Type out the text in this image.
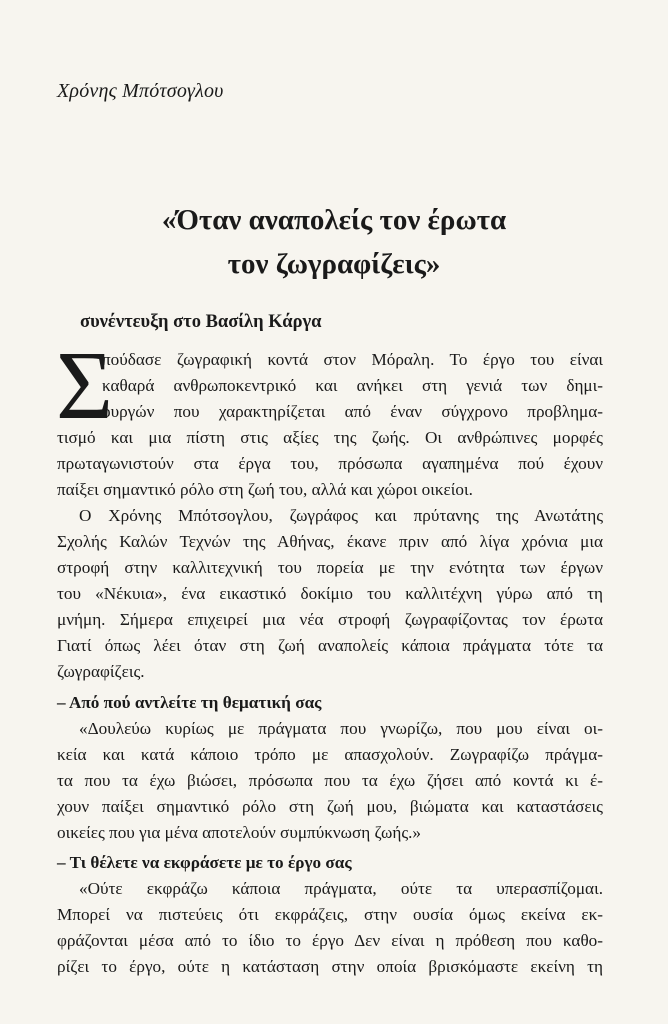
Χρόνης Μπότσογλου
«Όταν αναπολείς τον έρωτα
τον ζωγραφίζεις»
συνέντευξη στο Βασίλη Κάργα
Σ
πούδασε ζωγραφική κοντά στον Μόραλη. Το έργο του είναι
καθαρά ανθρωποκεντρικό και ανήκει στη γενιά των δημι-
ουργών που χαρακτηρίζεται από έναν σύγχρονο προβλημα-
τισμό και μια πίστη στις αξίες της ζωής. Οι ανθρώπινες μορφές
πρωταγωνιστούν στα έργα του, πρόσωπα αγαπημένα πού έχουν
παίξει σημαντικό ρόλο στη ζωή του, αλλά και χώροι οικείοι.
Ο Χρόνης Μπότσογλου, ζωγράφος και πρύτανης της Ανωτάτης
Σχολής Καλών Τεχνών της Αθήνας, έκανε πριν από λίγα χρόνια μια
στροφή στην καλλιτεχνική του πορεία με την ενότητα των έργων
του «Νέκυια», ένα εικαστικό δοκίμιο του καλλιτέχνη γύρω από τη
μνήμη. Σήμερα επιχειρεί μια νέα στροφή ζωγραφίζοντας τον έρωτα
Γιατί όπως λέει όταν στη ζωή αναπολείς κάποια πράγματα τότε τα
ζωγραφίζεις.
– Από πού αντλείτε τη θεματική σας
«Δουλεύω κυρίως με πράγματα που γνωρίζω, που μου είναι οι-
κεία και κατά κάποιο τρόπο με απασχολούν. Ζωγραφίζω πράγμα-
τα που τα έχω βιώσει, πρόσωπα που τα έχω ζήσει από κοντά κι έ-
χουν παίξει σημαντικό ρόλο στη ζωή μου, βιώματα και καταστάσεις
οικείες που για μένα αποτελούν συμπύκνωση ζωής.»
– Τι θέλετε να εκφράσετε με το έργο σας
«Ούτε εκφράζω κάποια πράγματα, ούτε τα υπερασπίζομαι.
Μπορεί να πιστεύεις ότι εκφράζεις, στην ουσία όμως εκείνα εκ-
φράζονται μέσα από το ίδιο το έργο Δεν είναι η πρόθεση που καθο-
ρίζει το έργο, ούτε η κατάσταση στην οποία βρισκόμαστε εκείνη τη
